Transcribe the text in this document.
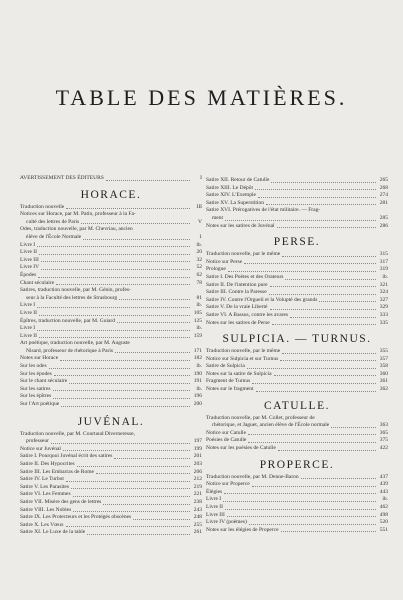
TABLE DES MATIÈRES.
AVERTISSEMENT DES ÉDITEURS	I
HORACE.
Traduction nouvelle	III
Notices sur Horace, par M. Patin, professeur à la Fa-
culté des lettres de Paris	V
Odes, traduction nouvelle, par M. Chevriau, ancien
élève de l'École Normale	1
Livre I	ib.
Livre II	20
Livre III	32
Livre IV	52
Épodes	62
Chant séculaire	78
Satires, traduction nouvelle, par M. Génin, profes-
seur à la Faculté des lettres de Strasbourg	81
Livre I	ib.
Livre II	105
Épîtres, traduction nouvelle, par M. Guiard	125
Livre I	ib.
Livre II	159
Art poétique, traduction nouvelle, par M. Auguste
Nisard, professeur de rhétorique à Paris	171
Notes sur Horace	182
Sur les odes	ib.
Sur les épodes	190
Sur le chant séculaire	191
Sur les satires	ib.
Sur les épîtres	196
Sur l'Art poétique	200
JUVÉNAL.
Traduction nouvelle, par M. Courtaud Diverneresse,
professeur	197
Notice sur Juvénal	199
Satire I. Pourquoi Juvénal écrit des satires	201
Satire II. Des Hypocrites	203
Satire III. Les Embarras de Rome	206
Satire IV. Le Turbot	212
Satire V. Les Parasites	219
Satire VI. Les Femmes	221
Satire VII. Misère des gens de lettres	238
Satire VIII. Les Nobles	243
Satire IX. Les Protecteurs et les Protégés obscènes	248
Satire X. Les Vœux	255
Satire XI. Le Luxe de la table	261
Satire XII. Retour de Catulle	265
Satire XIII. Le Dépôt	268
Satire XIV. L'Exemple	274
Satire XV. La Superstition	281
Satire XVI. Prérogatives de l'état militaire. — Frag-
ment	285
Notes sur les satires de Juvénal	286
PERSE.
Traduction nouvelle, par le même	315
Notice sur Perse	317
Prologue	319
Satire I. Des Poètes et des Orateurs	ib.
Satire II. De l'intention pure	321
Satire III. Contre la Paresse	324
Satire IV. Contre l'Orgueil et la Volupté des grands	327
Satire V. De la vraie Liberté	329
Satire VI. A Bassus, contre les avares	333
Notes sur les satires de Perse	335
SULPICIA. — TURNUS.
Traduction nouvelle, par le même	355
Notice sur Sulpicia et sur Turnus	357
Satire de Sulpicia	358
Notes sur la satire de Sulpicia	360
Fragment de Turnus	361
Notes sur le fragment	362
CATULLE.
Traduction nouvelle, par M. Collet, professeur de
rhétorique, et Jaguet, ancien élève de l'École normale	363
Notice sur Catulle	365
Poésies de Catulle	375
Notes sur les poésies de Catulle	422
PROPERCE.
Traduction nouvelle, par M. Denne-Baron	437
Notice sur Properce	439
Élégies	443
Livre I	ib.
Livre II	462
Livre III	498
Livre IV (poèmes)	520
Notes sur les élégies de Properce	551
